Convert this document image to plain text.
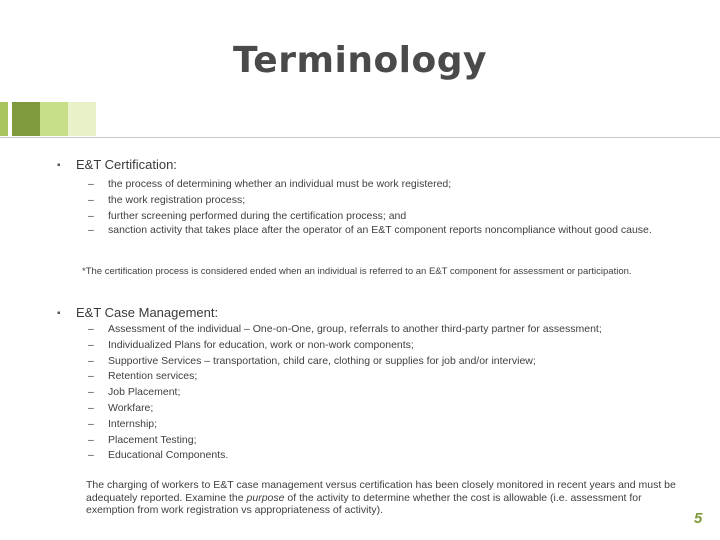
Terminology
▪ E&T Certification:
–	the process of determining whether an individual must be work registered;
–	the work registration process;
–	further screening performed during the certification process; and
–	sanction activity that takes place after the operator of an E&T component reports noncompliance without good cause.
*The certification process is considered ended when an individual is referred to an E&T component for assessment or participation.
▪ E&T Case Management:
–	Assessment of the individual – One-on-One, group, referrals to another third-party partner for assessment;
–	Individualized Plans for education, work or non-work components;
–	Supportive Services – transportation, child care, clothing or supplies for job and/or interview;
–	Retention services;
–	Job Placement;
–	Workfare;
–	Internship;
–	Placement Testing;
–	Educational Components.
The charging of workers to E&T case management versus certification has been closely monitored in recent years and must be adequately reported. Examine the purpose of the activity to determine whether the cost is allowable (i.e. assessment for exemption from work registration vs appropriateness of activity).	5
